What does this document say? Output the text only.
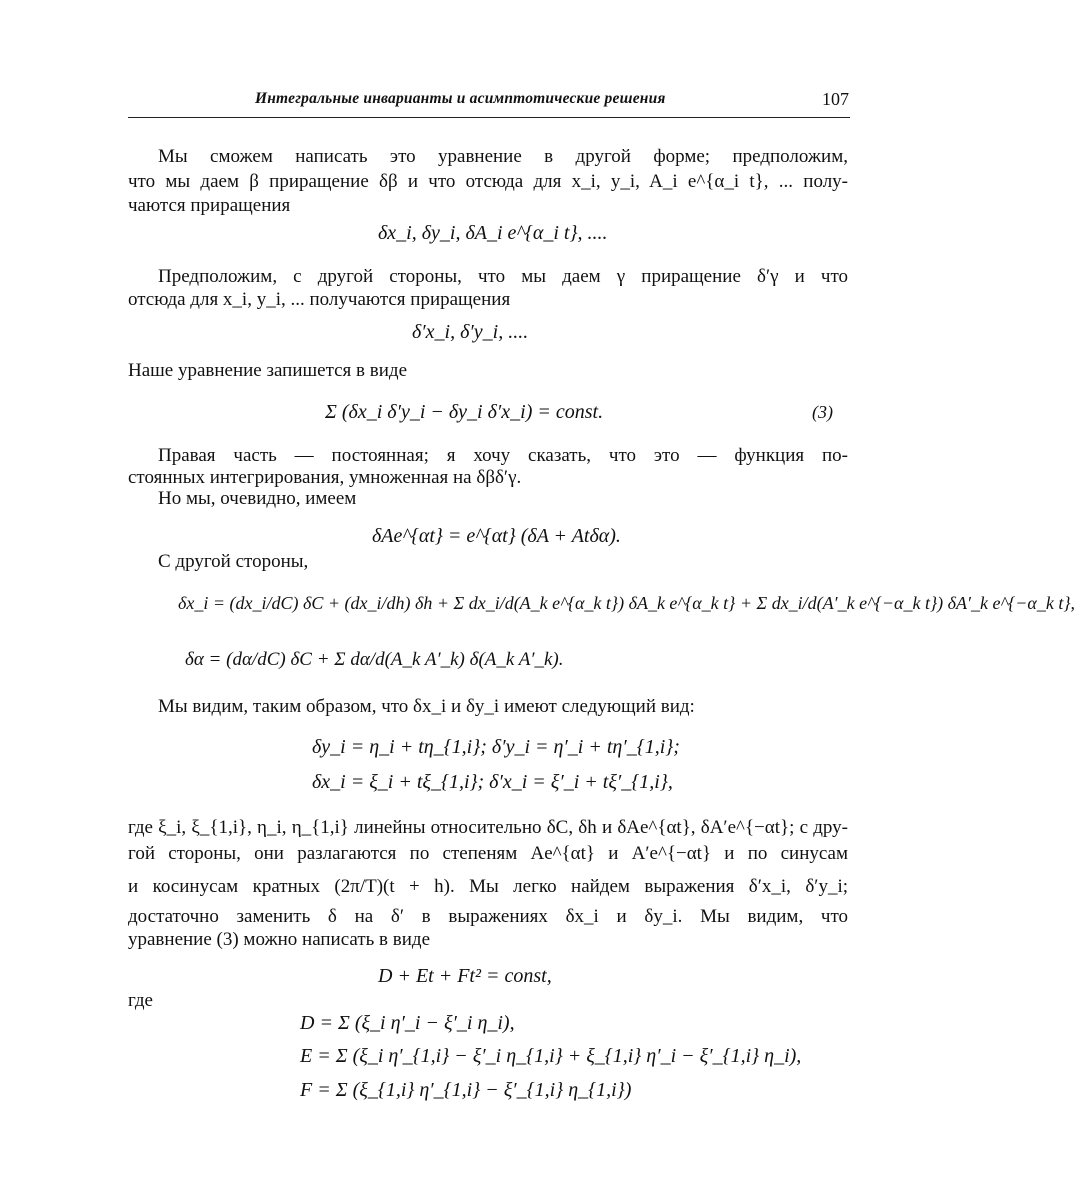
Интегральные инварианты и асимптотические решения	107
Мы сможем написать это уравнение в другой форме; предположим,
что мы даем β приращение δβ и что отсюда для x_i, y_i, A_i e^{α_i t}, ... полу-
чаются приращения
δx_i, δy_i, δA_i e^{α_i t}, ....
Предположим, с другой стороны, что мы даем γ приращение δ′γ и что
отсюда для x_i, y_i, ... получаются приращения
δ′x_i, δ′y_i, ....
Наше уравнение запишется в виде
Σ (δx_i δ′y_i − δy_i δ′x_i) = const.	(3)
Правая часть — постоянная; я хочу сказать, что это — функция по-
стоянных интегрирования, умноженная на δβδ′γ.
Но мы, очевидно, имеем
δAe^{αt} = e^{αt} (δA + Atδα).
С другой стороны,
δx_i = (dx_i/dC) δC + (dx_i/dh) δh + Σ dx_i/d(A_k e^{α_k t}) δA_k e^{α_k t} + Σ dx_i/d(A′_k e^{−α_k t}) δA′_k e^{−α_k t},
δα = (dα/dC) δC + Σ dα/d(A_k A′_k) δ(A_k A′_k).
Мы видим, таким образом, что δx_i и δy_i имеют следующий вид:
δy_i = η_i + tη_{1,i}; δ′y_i = η′_i + tη′_{1,i};
δx_i = ξ_i + tξ_{1,i}; δ′x_i = ξ′_i + tξ′_{1,i},
где ξ_i, ξ_{1,i}, η_i, η_{1,i} линейны относительно δC, δh и δAe^{αt}, δA′e^{−αt}; с дру-
гой стороны, они разлагаются по степеням Ae^{αt} и A′e^{−αt} и по синусам
и косинусам кратных (2π/T)(t + h). Мы легко найдем выражения δ′x_i, δ′y_i;
достаточно заменить δ на δ′ в выражениях δx_i и δy_i. Мы видим, что
уравнение (3) можно написать в виде
D + Et + Ft² = const,
где
D = Σ (ξ_i η′_i − ξ′_i η_i),
E = Σ (ξ_i η′_{1,i} − ξ′_i η_{1,i} + ξ_{1,i} η′_i − ξ′_{1,i} η_i),
F = Σ (ξ_{1,i} η′_{1,i} − ξ′_{1,i} η_{1,i})
